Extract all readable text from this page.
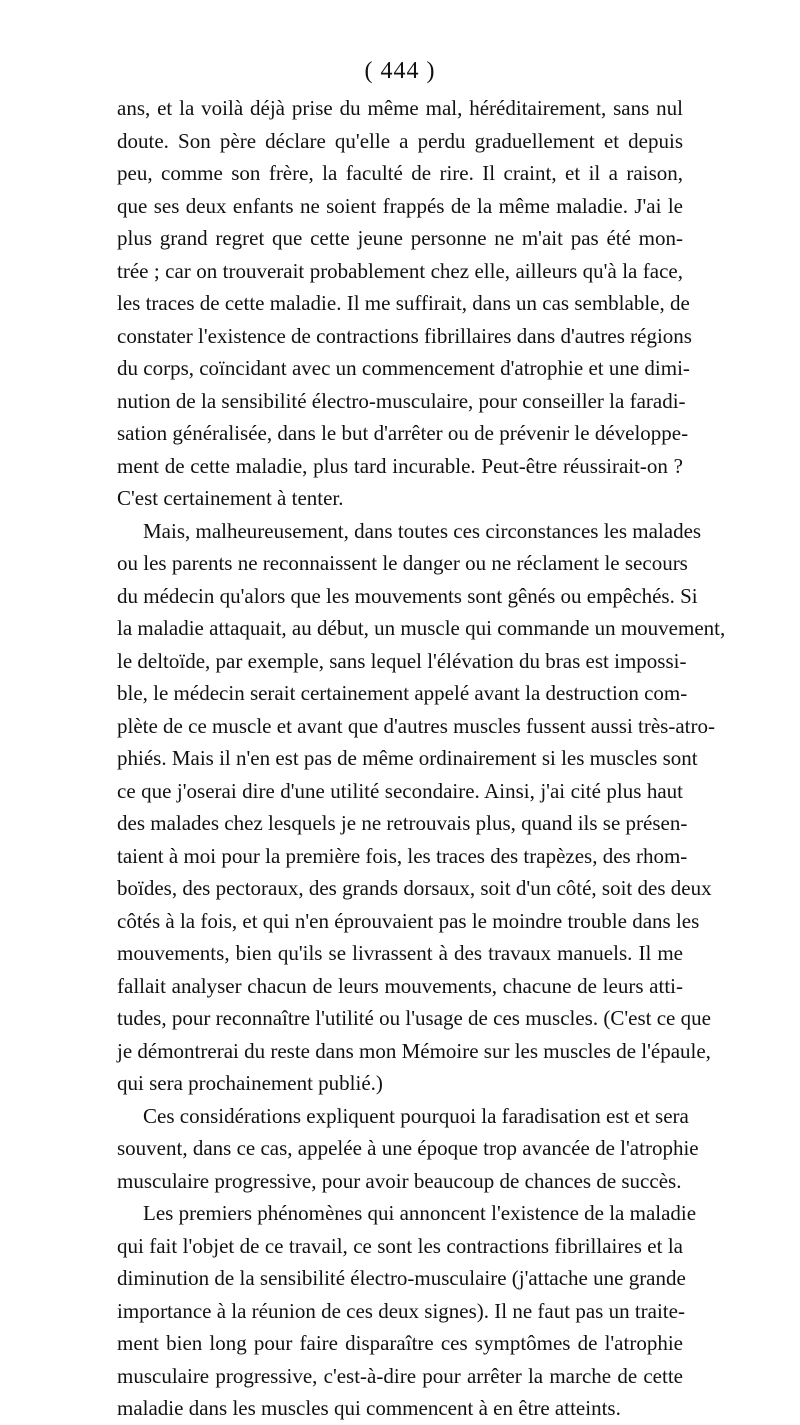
( 444 )
ans, et la voilà déjà prise du même mal, héréditairement, sans nul
doute. Son père déclare qu'elle a perdu graduellement et depuis
peu, comme son frère, la faculté de rire. Il craint, et il a raison,
que ses deux enfants ne soient frappés de la même maladie. J'ai le
plus grand regret que cette jeune personne ne m'ait pas été mon-
trée ; car on trouverait probablement chez elle, ailleurs qu'à la face,
les traces de cette maladie. Il me suffirait, dans un cas semblable, de
constater l'existence de contractions fibrillaires dans d'autres régions
du corps, coïncidant avec un commencement d'atrophie et une dimi-
nution de la sensibilité électro-musculaire, pour conseiller la faradi-
sation généralisée, dans le but d'arrêter ou de prévenir le développe-
ment de cette maladie, plus tard incurable. Peut-être réussirait-on ?
C'est certainement à tenter.
Mais, malheureusement, dans toutes ces circonstances les malades
ou les parents ne reconnaissent le danger ou ne réclament le secours
du médecin qu'alors que les mouvements sont gênés ou empêchés. Si
la maladie attaquait, au début, un muscle qui commande un mouvement,
le deltoïde, par exemple, sans lequel l'élévation du bras est impossi-
ble, le médecin serait certainement appelé avant la destruction com-
plète de ce muscle et avant que d'autres muscles fussent aussi très-atro-
phiés. Mais il n'en est pas de même ordinairement si les muscles sont
ce que j'oserai dire d'une utilité secondaire. Ainsi, j'ai cité plus haut
des malades chez lesquels je ne retrouvais plus, quand ils se présen-
taient à moi pour la première fois, les traces des trapèzes, des rhom-
boïdes, des pectoraux, des grands dorsaux, soit d'un côté, soit des deux
côtés à la fois, et qui n'en éprouvaient pas le moindre trouble dans les
mouvements, bien qu'ils se livrassent à des travaux manuels. Il me
fallait analyser chacun de leurs mouvements, chacune de leurs atti-
tudes, pour reconnaître l'utilité ou l'usage de ces muscles. (C'est ce que
je démontrerai du reste dans mon Mémoire sur les muscles de l'épaule,
qui sera prochainement publié.)
Ces considérations expliquent pourquoi la faradisation est et sera
souvent, dans ce cas, appelée à une époque trop avancée de l'atrophie
musculaire progressive, pour avoir beaucoup de chances de succès.
Les premiers phénomènes qui annoncent l'existence de la maladie
qui fait l'objet de ce travail, ce sont les contractions fibrillaires et la
diminution de la sensibilité électro-musculaire (j'attache une grande
importance à la réunion de ces deux signes). Il ne faut pas un traite-
ment bien long pour faire disparaître ces symptômes de l'atrophie
musculaire progressive, c'est-à-dire pour arrêter la marche de cette
maladie dans les muscles qui commencent à en être atteints.
